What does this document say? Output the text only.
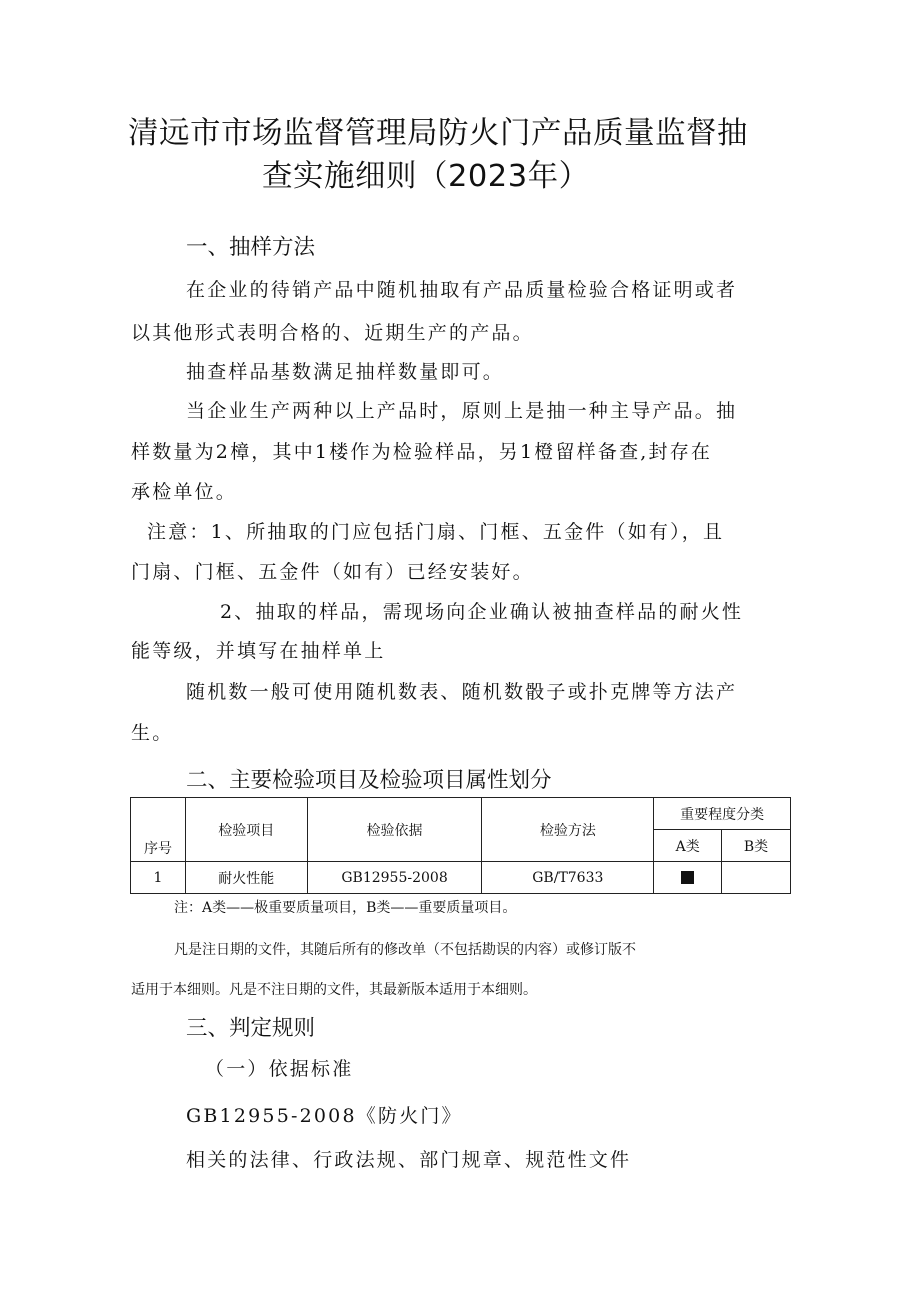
清远市市场监督管理局防火门产品质量监督抽
查实施细则（2023年）
一、抽样方法
在企业的待销产品中随机抽取有产品质量检验合格证明或者
以其他形式表明合格的、近期生产的产品。
抽查样品基数满足抽样数量即可。
当企业生产两种以上产品时，原则上是抽一种主导产品。抽
样数量为2樟，其中1楼作为检验样品，另1橙留样备查,封存在
承检单位。
注意：1、所抽取的门应包括门扇、门框、五金件（如有），且
门扇、门框、五金件（如有）已经安装好。
2、抽取的样品，需现场向企业确认被抽查样品的耐火性
能等级，并填写在抽样单上
随机数一般可使用随机数表、随机数骰子或扑克牌等方法产
生。
二、主要检验项目及检验项目属性划分
序号	检验项目	检验依据	检验方法	重要程度分类	
				A类	B类
1	耐火性能	GB12955-2008	GB/T7633		
注：A类——极重要质量项目，B类——重要质量项目。
凡是注日期的文件，其随后所有的修改单（不包括勘误的内容）或修订版不
适用于本细则。凡是不注日期的文件，其最新版本适用于本细则。
三、判定规则
（一）依据标准
GB12955-2008《防火门》
相关的法律、行政法规、部门规章、规范性文件
